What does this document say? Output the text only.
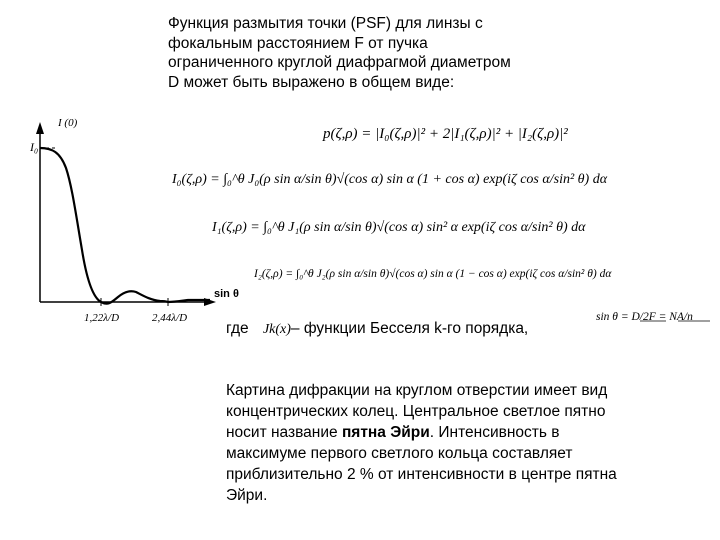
Функция размытия точки (PSF) для линзы с
фокальным расстоянием F от пучка
ограниченного круглой диафрагмой диаметром
D может быть выражено в общем виде:
I (0)
I₀
sin θ
1,22λ/D	2,44λ/D
p(ζ,ρ) = |I₀(ζ,ρ)|² + 2|I₁(ζ,ρ)|² + |I₂(ζ,ρ)|²
I₀(ζ,ρ) = ∫₀^θ J₀(ρ sin α/sin θ)√(cos α) sin α (1 + cos α) exp(iζ cos α/sin² θ) dα
I₁(ζ,ρ) = ∫₀^θ J₁(ρ sin α/sin θ)√(cos α) sin² α exp(iζ cos α/sin² θ) dα
I₂(ζ,ρ) = ∫₀^θ J₂(ρ sin α/sin θ)√(cos α) sin α (1 − cos α) exp(iζ cos α/sin² θ) dα
где Jk(x)– функции Бесселя k-го порядка,
sin θ = D/2F = NA/n
Картина дифракции на круглом отверстии имеет вид
концентрических колец. Центральное светлое пятно
носит название пятна Эйри. Интенсивность в
максимуме первого светлого кольца составляет
приблизительно 2 % от интенсивности в центре пятна
Эйри.
